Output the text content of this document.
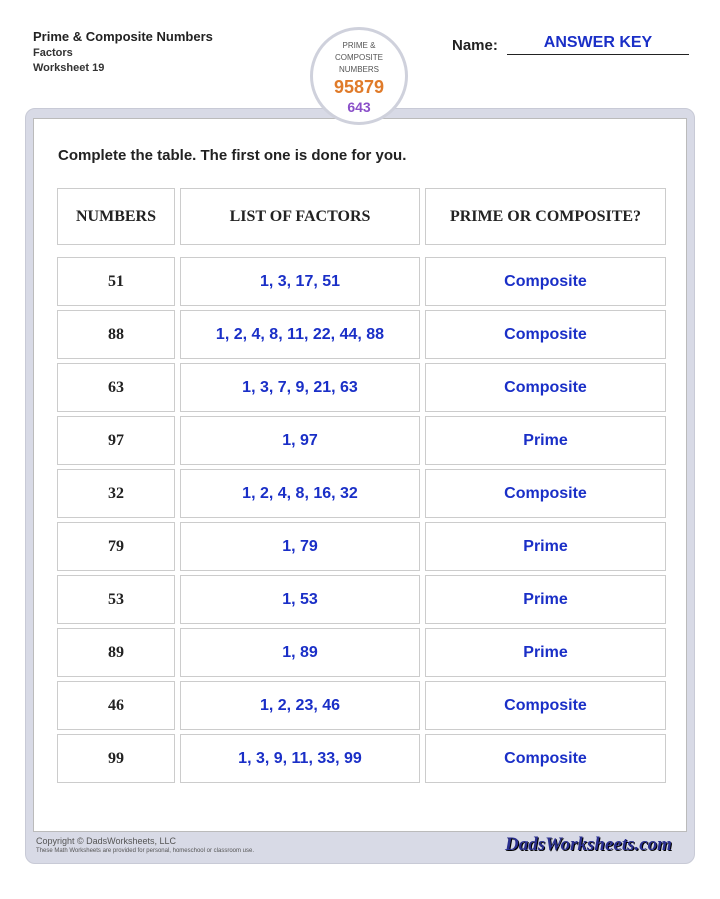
Prime & Composite Numbers
Factors
Worksheet 19
Name:	ANSWER KEY
PRIME &
COMPOSITE
NUMBERS
95879
643
Complete the table. The first one is done for you.
NUMBERS	LIST OF FACTORS	PRIME OR COMPOSITE?
51	1, 3, 17, 51	Composite
88	1, 2, 4, 8, 11, 22, 44, 88	Composite
63	1, 3, 7, 9, 21, 63	Composite
97	1, 97	Prime
32	1, 2, 4, 8, 16, 32	Composite
79	1, 79	Prime
53	1, 53	Prime
89	1, 89	Prime
46	1, 2, 23, 46	Composite
99	1, 3, 9, 11, 33, 99	Composite
Copyright © DadsWorksheets, LLC
These Math Worksheets are provided for personal, homeschool or classroom use.	DadsWorksheets.com
